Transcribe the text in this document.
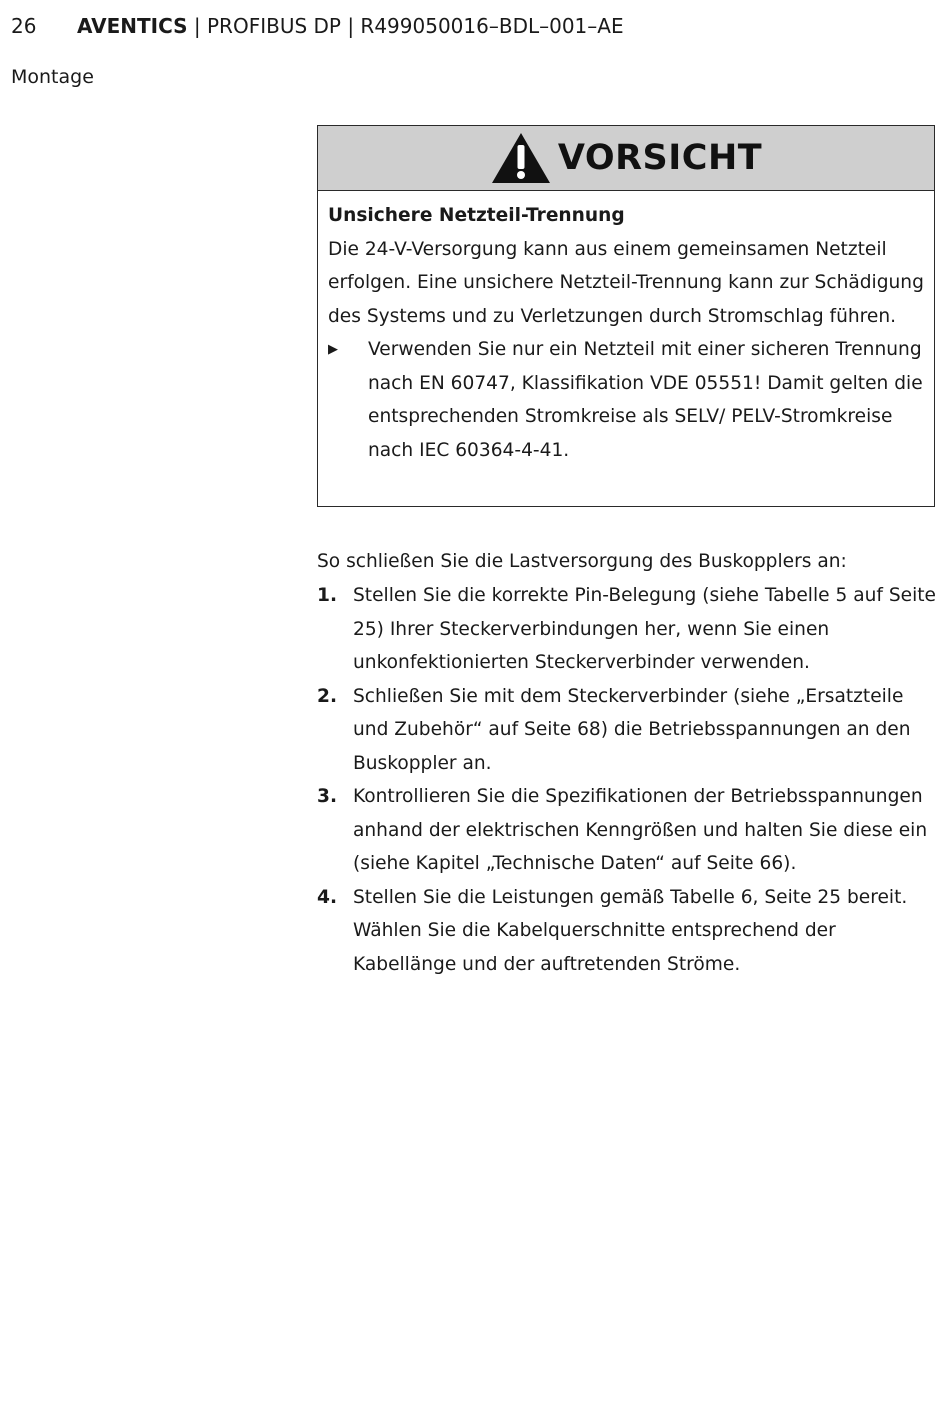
26 AVENTICS | PROFIBUS DP | R499050016–BDL–001–AE
Montage
VORSICHT
Unsichere Netzteil-Trennung
Die 24-V-Versorgung kann aus einem gemeinsamen Netzteil erfolgen. Eine unsichere Netzteil-Trennung kann zur Schädigung des Systems und zu Verletzungen durch Stromschlag führen.
▶	Verwenden Sie nur ein Netzteil mit einer sicheren Trennung nach EN 60747, Klassifikation VDE 05551! Damit gelten die entsprechenden Stromkreise als SELV/ PELV-Stromkreise nach IEC 60364-4-41.
So schließen Sie die Lastversorgung des Buskopplers an:
1. Stellen Sie die korrekte Pin-Belegung (siehe Tabelle 5 auf Seite 25) Ihrer Steckerverbindungen her, wenn Sie einen unkonfektionierten Steckerverbinder verwenden.
2. Schließen Sie mit dem Steckerverbinder (siehe „Ersatzteile und Zubehör“ auf Seite 68) die Betriebsspannungen an den Buskoppler an.
3. Kontrollieren Sie die Spezifikationen der Betriebsspannungen anhand der elektrischen Kenngrößen und halten Sie diese ein (siehe Kapitel „Technische Daten“ auf Seite 66).
4. Stellen Sie die Leistungen gemäß Tabelle 6, Seite 25 bereit. Wählen Sie die Kabelquerschnitte entsprechend der Kabellänge und der auftretenden Ströme.
